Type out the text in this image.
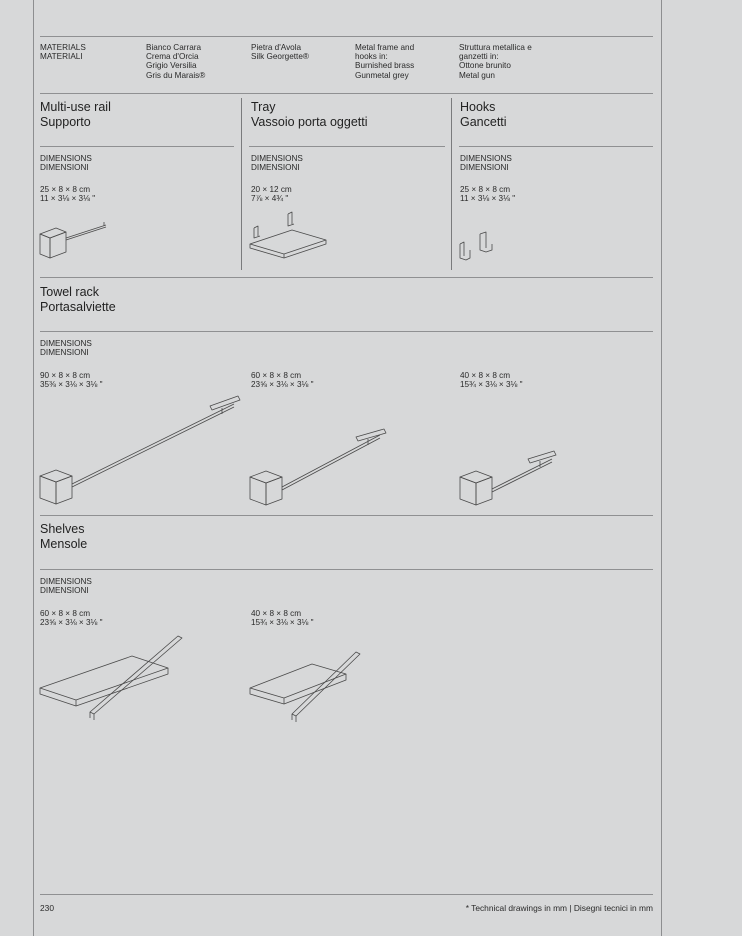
MATERIALS
MATERIALI
Bianco Carrara
Crema d'Orcia
Grigio Versilia
Gris du Marais®
Pietra d'Avola
Silk Georgette®
Metal frame and
hooks in:
Burnished brass
Gunmetal grey
Struttura metallica e
ganzetti in:
Ottone brunito
Metal gun
Multi-use rail
Supporto
Tray
Vassoio porta oggetti
Hooks
Gancetti
DIMENSIONS
DIMENSIONI
DIMENSIONS
DIMENSIONI
DIMENSIONS
DIMENSIONI
25 × 8 × 8 cm
11 × 3⅛ × 3⅛ "
20 × 12 cm
7⅞ × 4¾ "
25 × 8 × 8 cm
11 × 3⅛ × 3⅛ "
Towel rack
Portasalviette
DIMENSIONS
DIMENSIONI
90 × 8 × 8 cm
35⅜ × 3⅛ × 3⅛ "
60 × 8 × 8 cm
23⅝ × 3⅛ × 3⅛ "
40 × 8 × 8 cm
15¾ × 3⅛ × 3⅛ "
Shelves
Mensole
DIMENSIONS
DIMENSIONI
60 × 8 × 8 cm
23⅝ × 3⅛ × 3⅛ "
40 × 8 × 8 cm
15¾ × 3⅛ × 3⅛ "
230	* Technical drawings in mm | Disegni tecnici in mm
